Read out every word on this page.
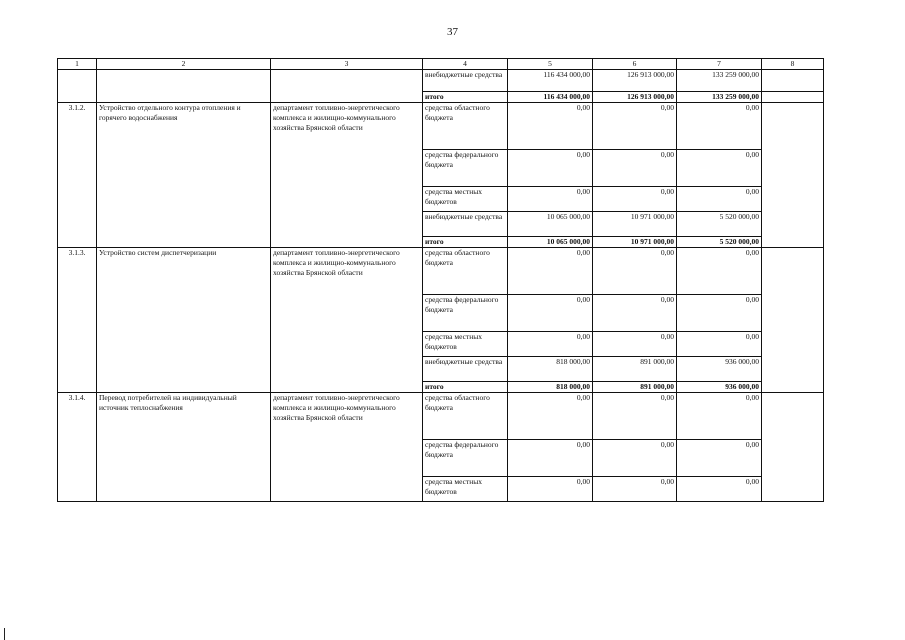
37
1	2	3	4	5	6	7	8
			внебюджетные средства	116 434 000,00	126 913 000,00	133 259 000,00	
			итого	116 434 000,00	126 913 000,00	133 259 000,00	
3.1.2.	Устройство отдельного контура отопления и горячего водоснабжения	департамент топливно-энергетического комплекса и жилищно-коммунального хозяйства Брянской области	средства областного бюджета	0,00	0,00	0,00	
			средства федерального бюджета	0,00	0,00	0,00	
			средства местных бюджетов	0,00	0,00	0,00	
			внебюджетные средства	10 065 000,00	10 971 000,00	5 520 000,00	
			итого	10 065 000,00	10 971 000,00	5 520 000,00	
3.1.3.	Устройство систем диспетчеризации	департамент топливно-энергетического комплекса и жилищно-коммунального хозяйства Брянской области	средства областного бюджета	0,00	0,00	0,00	
			средства федерального бюджета	0,00	0,00	0,00	
			средства местных бюджетов	0,00	0,00	0,00	
			внебюджетные средства	818 000,00	891 000,00	936 000,00	
			итого	818 000,00	891 000,00	936 000,00	
3.1.4.	Перевод потребителей на индивидуальный источник теплоснабжения	департамент топливно-энергетического комплекса и жилищно-коммунального хозяйства Брянской области	средства областного бюджета	0,00	0,00	0,00	
			средства федерального бюджета	0,00	0,00	0,00	
			средства местных бюджетов	0,00	0,00	0,00	
